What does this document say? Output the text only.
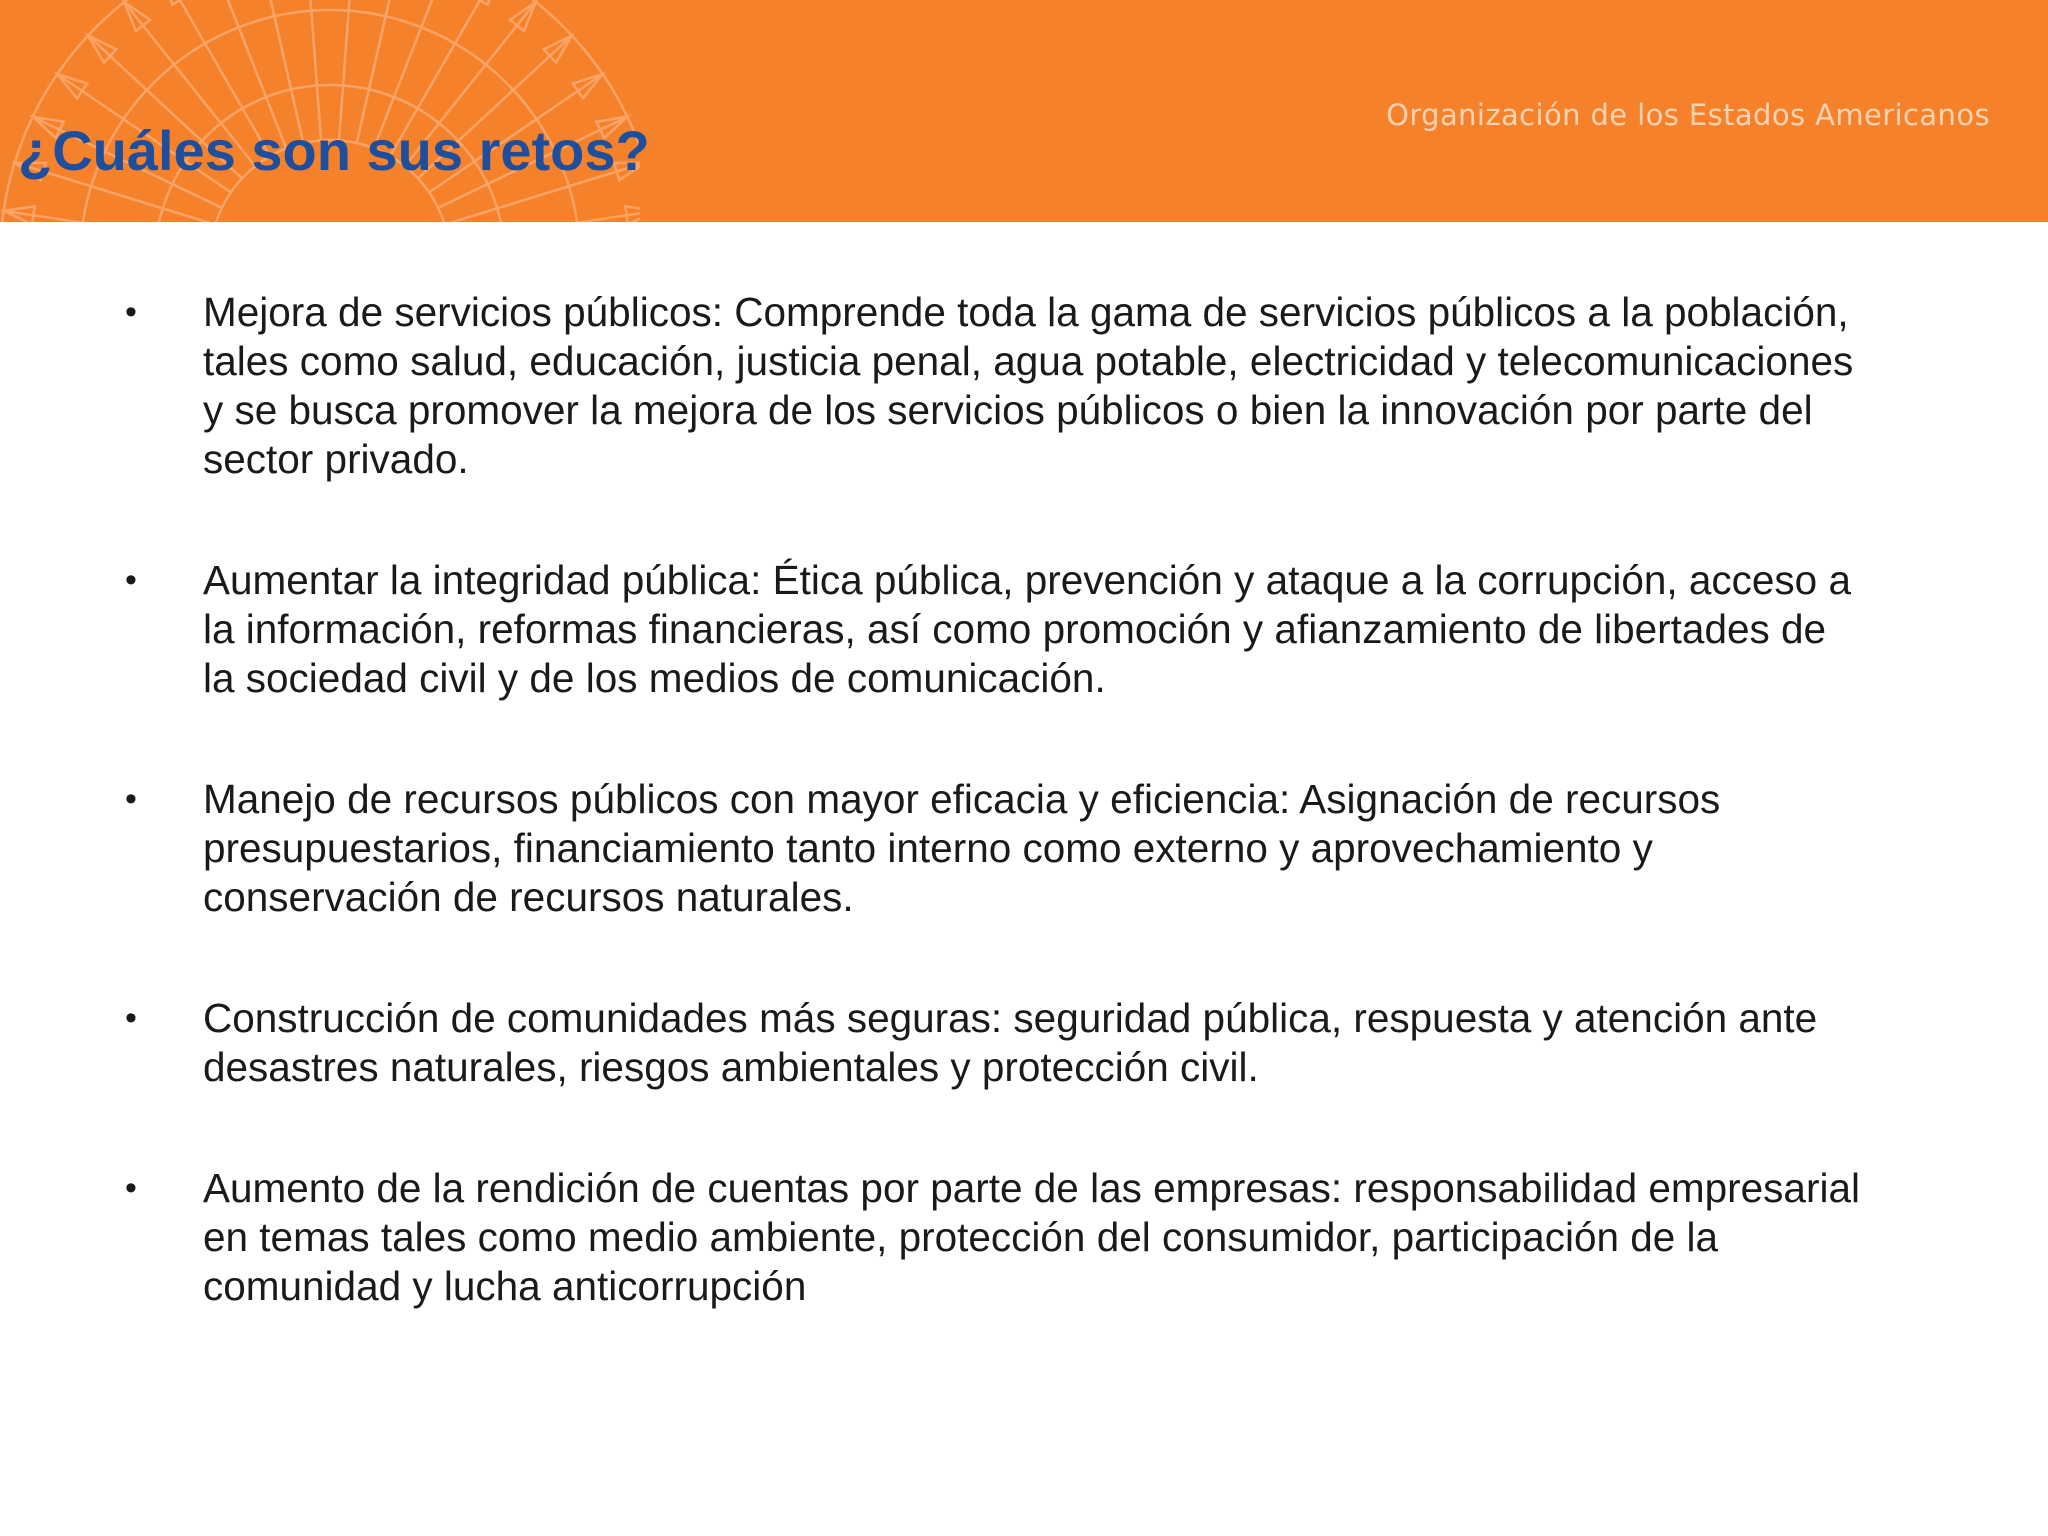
Organización de los Estados Americanos
¿Cuáles son sus retos?
• Mejora de servicios públicos: Comprende toda la gama de servicios públicos a la población, tales como salud, educación, justicia penal, agua potable, electricidad y telecomunicaciones y se busca promover la mejora de los servicios públicos o bien la innovación por parte del sector privado.
• Aumentar la integridad pública: Ética pública, prevención y ataque a la corrupción, acceso a la información, reformas financieras, así como promoción y afianzamiento de libertades de la sociedad civil y de los medios de comunicación.
• Manejo de recursos públicos con mayor eficacia y eficiencia: Asignación de recursos presupuestarios, financiamiento tanto interno como externo y aprovechamiento y conservación de recursos naturales.
• Construcción de comunidades más seguras: seguridad pública, respuesta y atención ante desastres naturales, riesgos ambientales y protección civil.
• Aumento de la rendición de cuentas por parte de las empresas: responsabilidad empresarial en temas tales como medio ambiente, protección del consumidor, participación de la comunidad y lucha anticorrupción
